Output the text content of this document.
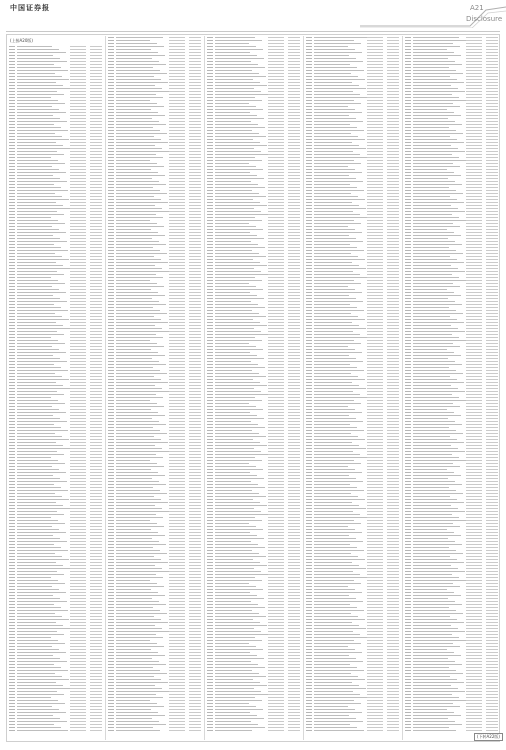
中国证券报	A21
Disclosure
(上接A20版)
(下转A22版)
